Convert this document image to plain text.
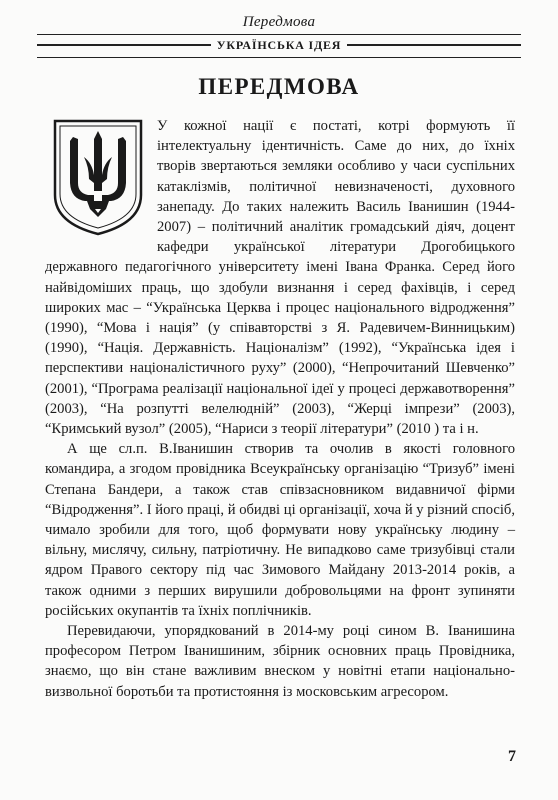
Передмова
УКРАЇНСЬКА ІДЕЯ
ПЕРЕДМОВА

У кожної нації є постаті, котрі формують її інтелектуальну ідентичність. Саме до них, до їхніх творів звертаються земляки особливо у часи суспільних катаклізмів, політичної невизначеності, духовного занепаду. До таких належить Василь Іванишин (1944-2007) – політичний аналітик громадський діяч, доцент кафедри української літератури Дрогобицького державного педагогічного університету імені Івана Франка. Серед його найвідоміших праць, що здобули визнання і серед фахівців, і серед широких мас – “Українська Церква і процес національного відродження” (1990), “Мова і нація” (у співавторстві з Я. Радевичем-Винницьким) (1990), “Нація. Державність. Націоналізм” (1992), “Українська ідея і перспективи націоналістичного руху” (2000), “Непрочитаний Шевченко” (2001), “Програма реалізації національної ідеї у процесі державотворення” (2003), “На розпутті велелюдній” (2003), “Жерці імпрези” (2003), “Кримський вузол” (2005), “Нариси з теорії літератури” (2010 ) та і н.

А ще сл.п. В.Іванишин створив та очолив в якості головного командира, а згодом провідника Всеукраїнську організацію “Тризуб” імені Степана Бандери, а також став співзасновником видавничої фірми “Відродження”. І його праці, й обидві ці організації, хоча й у різний спосіб, чимало зробили для того, щоб формувати нову українську людину – вільну, мислячу, сильну, патріотичну. Не випадково саме тризубівці стали ядром Правого сектору під час Зимового Майдану 2013-2014 років, а також одними з перших вирушили добровольцями на фронт зупиняти російських окупантів та їхніх поплічників.

Перевидаючи, упорядкований в 2014-му році сином В. Іванишина професором Петром Іванишиним, збірник основних праць Провідника, знаємо, що він стане важливим внеском у новітні етапи національно-визвольної боротьби та протистояння із московським агресором.

7
